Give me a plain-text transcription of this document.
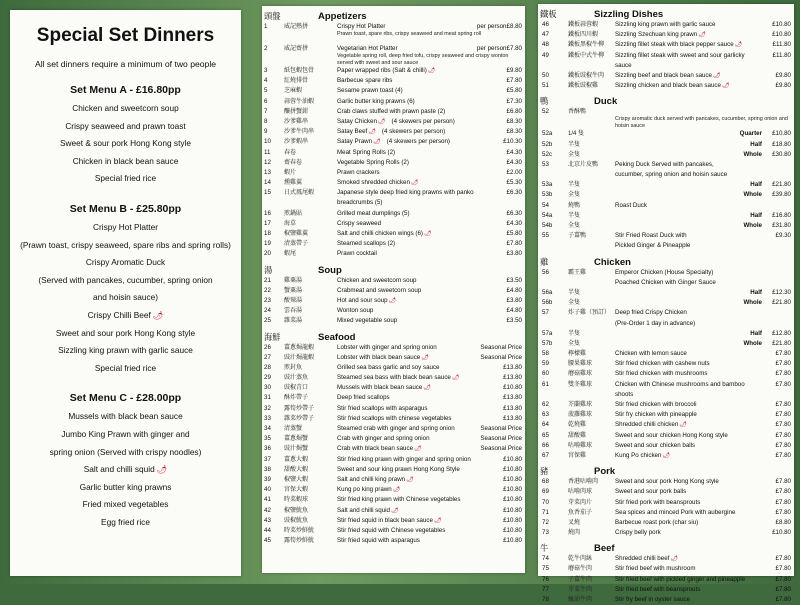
Special Set Dinners
All set dinners require a minimum of two people
Set Menu A - £16.80pp
Chicken and sweetcorn soup
Crispy seaweed and prawn toast
Sweet & sour pork Hong Kong style
Chicken in black bean sauce
Special fried rice
Set Menu B - £25.80pp
Crispy Hot Platter
(Prawn toast, crispy seaweed, spare ribs and spring rolls)
Crispy Aromatic Duck
(Served with pancakes, cucumber, spring onion
and hoisin sauce)
Crispy Chilli Beef 🌶
Sweet and sour pork Hong Kong style
Sizzling king prawn with garlic sauce
Special fried rice
Set Menu C - £28.00pp
Mussels with black bean sauce
Jumbo King Prawn with ginger and
spring onion (Served with crispy noodles)
Salt and chilli squid 🌶
Garlic butter king prawns
Fried mixed vegetables
Egg fried rice
頭盤	Appetizers
1	威記熱拼	Crispy Hot Platter	per person£8.80
Prawn toast, spare ribs, crispy seaweed and meat spring roll
2	威記齋拼	Vegetarian Hot Platter	per person£7.80
Vegetable spring roll, deep fried tofu, crispy seaweed and crispy wonton served with sweet and sour sauce
3	紙包蝦包骨	Paper wrapped ribs (Salt & chilli)🌶	£9.80
4	紅燒排骨	Barbecue spare ribs	£7.80
5	芝麻蝦	Sesame prawn toast (4)	£5.80
6	蒜蓉牛油蝦	Garlic butter king prawns (6)	£7.30
7	釀拼蟹鉗	Crab claws stuffed with prawn paste (2)	£6.80
8	沙爹雞串	Satay Chicken🌶 (4 skewers per person)	£8.30
9	沙爹牛肉串	Satay Beef🌶 (4 skewers per person)	£8.30
10 沙爹蝦串	Satay Prawn🌶 (4 skewers per person)	£10.30
11 春卷	Meat Spring Rolls (2)	£4.30
12 齋春卷	Vegetable Spring Rolls (2)	£4.30
13 蝦片	Prawn crackers	£2.00
14 燻雞翼	Smoked shredded chicken🌶	£5.30
15 日式鳳尾蝦	Japanese style deep fried king prawns with panko	£6.30
breadcrumbs (5)
16 煎鍋貼	Grilled meat dumplings (5)	£6.30
17 海草	Crispy seaweed	£4.30
18 椒鹽雞翼	Salt and chilli chicken wings (6)🌶	£5.80
19 清蒸帶子	Steamed scallops (2)	£7.80
20 蝦尾	Prawn cocktail	£3.80
湯	Soup
21 雞粟湯	Chicken and sweetcorn soup	£3.50
22 蟹粟湯	Crabmeat and sweetcorn soup	£4.80
23 酸辣湯	Hot and sour soup🌶	£3.80
24 雲吞湯	Wonton soup	£4.80
25 雜菜湯	Mixed vegetable soup	£3.50
海鮮	Seafood
26 薑蔥焗龍蝦	Lobster with ginger and spring onion	Seasonal Price
27 豉汁焗龍蝦	Lobster with black bean sauce🌶	Seasonal Price
28 煎封魚	Grilled sea bass garlic and soy sauce	£13.80
29 豉汁蒸魚	Steamed sea bass with black bean sauce🌶	£13.80
30 豉椒青口	Mussels with black bean sauce🌶	£10.80
31 酥炸帶子	Deep fried scallops	£13.80
32 露筍炒帶子	Stir fried scallops with asparagus	£13.80
33 雜菜炒帶子	Stir fried scallops with chinese vegetables	£13.80
34 清蒸蟹	Steamed crab with ginger and spring onion	Seasonal Price
35 薑蔥焗蟹	Crab with ginger and spring onion	Seasonal Price
36 豉汁焗蟹	Crab with black bean sauce🌶	Seasonal Price
37 薑蔥大蝦	Stir fried king prawn with ginger and spring onion	£10.80
38 甜酸大蝦	Sweet and sour king prawn Hong Kong Style	£10.80
39 椒鹽大蝦	Salt and chilli king prawn🌶	£10.80
40 宮保大蝦	Kung po king prawn🌶	£10.80
41 時菜蝦球	Stir fried king prawn with Chinese vegetables	£10.80
42 椒鹽魷魚	Salt and chilli squid🌶	£10.80
43 豉椒魷魚	Stir fried squid in black bean sauce🌶	£10.80
44 時菜炒鮮魷	Stir fried squid with Chinese vegetables	£10.80
45 露筍炒鮮魷	Stir fried squid with asparagus	£10.80
鐵板	Sizzling Dishes
46	鐵板蒜蓉蝦	Sizzling king prawn with garlic sauce	£10.80
47	鐵板四川蝦	Sizzling Szechuan king prawn🌶	£10.80
48	鐵板黑椒牛柳 Sizzling fillet steak with black pepper sauce🌶	£11.80
49	鐵板中式牛柳 Sizzling fillet steak with sweet and sour garlicky	£11.80
sauce
50	鐵板豉椒牛肉 Sizzling beef and black bean sauce🌶	£9.80
51	鐵板豉椒雞	Sizzling chicken and black bean sauce🌶	£9.80
鴨	Duck
52	香酥鴨
Crispy aromatic duck served with pancakes, cucumber, spring onion and hoisin sauce
52a	1/4 隻	Quarter £10.80
52b	半隻	Half £18.80
52c	全隻	Whole £30.80
53	北京片皮鴨	Peking Duck Served with pancakes,
cucumber, spring onion and hoisin sauce
53a	半隻	Half £21.80
53b	全隻	Whole £39.80
54	燒鴨	Roast Duck
54a	半隻	Half £16.80
54b	全隻	Whole £31.80
55	子薑鴨	Stir Fried Roast Duck with	£9.30
Pickled Ginger & Pineapple
雞	Chicken
56	霸王雞	Emperor Chicken (House Specialty)
Poached Chicken with Ginger Sauce
56a	半隻	Half £12.30
56b	全隻	Whole £21.80
57	炸子雞（預訂） Deep fried Crispy Chicken
(Pre-Order 1 day in advance)
57a	半隻	Half £12.80
57b	全隻	Whole £21.80
58	檸檬雞	Chicken with lemon sauce	£7.80
59	腰果雞球	Stir fried chicken with cashew nuts	£7.80
60	蘑菇雞球	Stir fried chicken with mushrooms	£7.80
61	雙冬雞球	Chicken with Chinese mushrooms and bamboo	£7.80
shoots
62	芥蘭雞球	Stir fried chicken with broccoli	£7.80
63	菠蘿雞球	Stir fry chicken with pineapple	£7.80
64	乾燒雞	Shredded chilli chicken🌶	£7.80
65	甜酸雞	Sweet and sour chicken Hong Kong style	£7.80
66	咕嚕雞球	Sweet and sour chicken balls	£7.80
67	宮保雞	Kung Po chicken🌶	£7.80
豬	Pork
68	香港咕嚕肉	Sweet and sour pork Hong Kong style	£7.80
69	咕嚕肉球	Sweet and sour pork balls	£7.80
70	芽菜肉片	Stir fried pork with beansprouts	£7.80
71	魚香茄子	Sea spices and minced Pork with aubergine	£7.80
72	叉燒	Barbecue roast pork (char siu)	£8.80
73	燒肉	Crispy belly pork	£10.80
牛	Beef
74	乾牛肉絲	Shredded chilli beef🌶	£7.80
75	蘑菇牛肉	Stir fried beef with mushroom	£7.80
76	子薑牛肉	Stir fried beef with pickled ginger and pineapple	£7.80
77	芽菜牛肉	Stir fried beef with beansprouts	£7.80
78	蠔油牛肉	Stir fry beef in oyster sauce	£7.80
